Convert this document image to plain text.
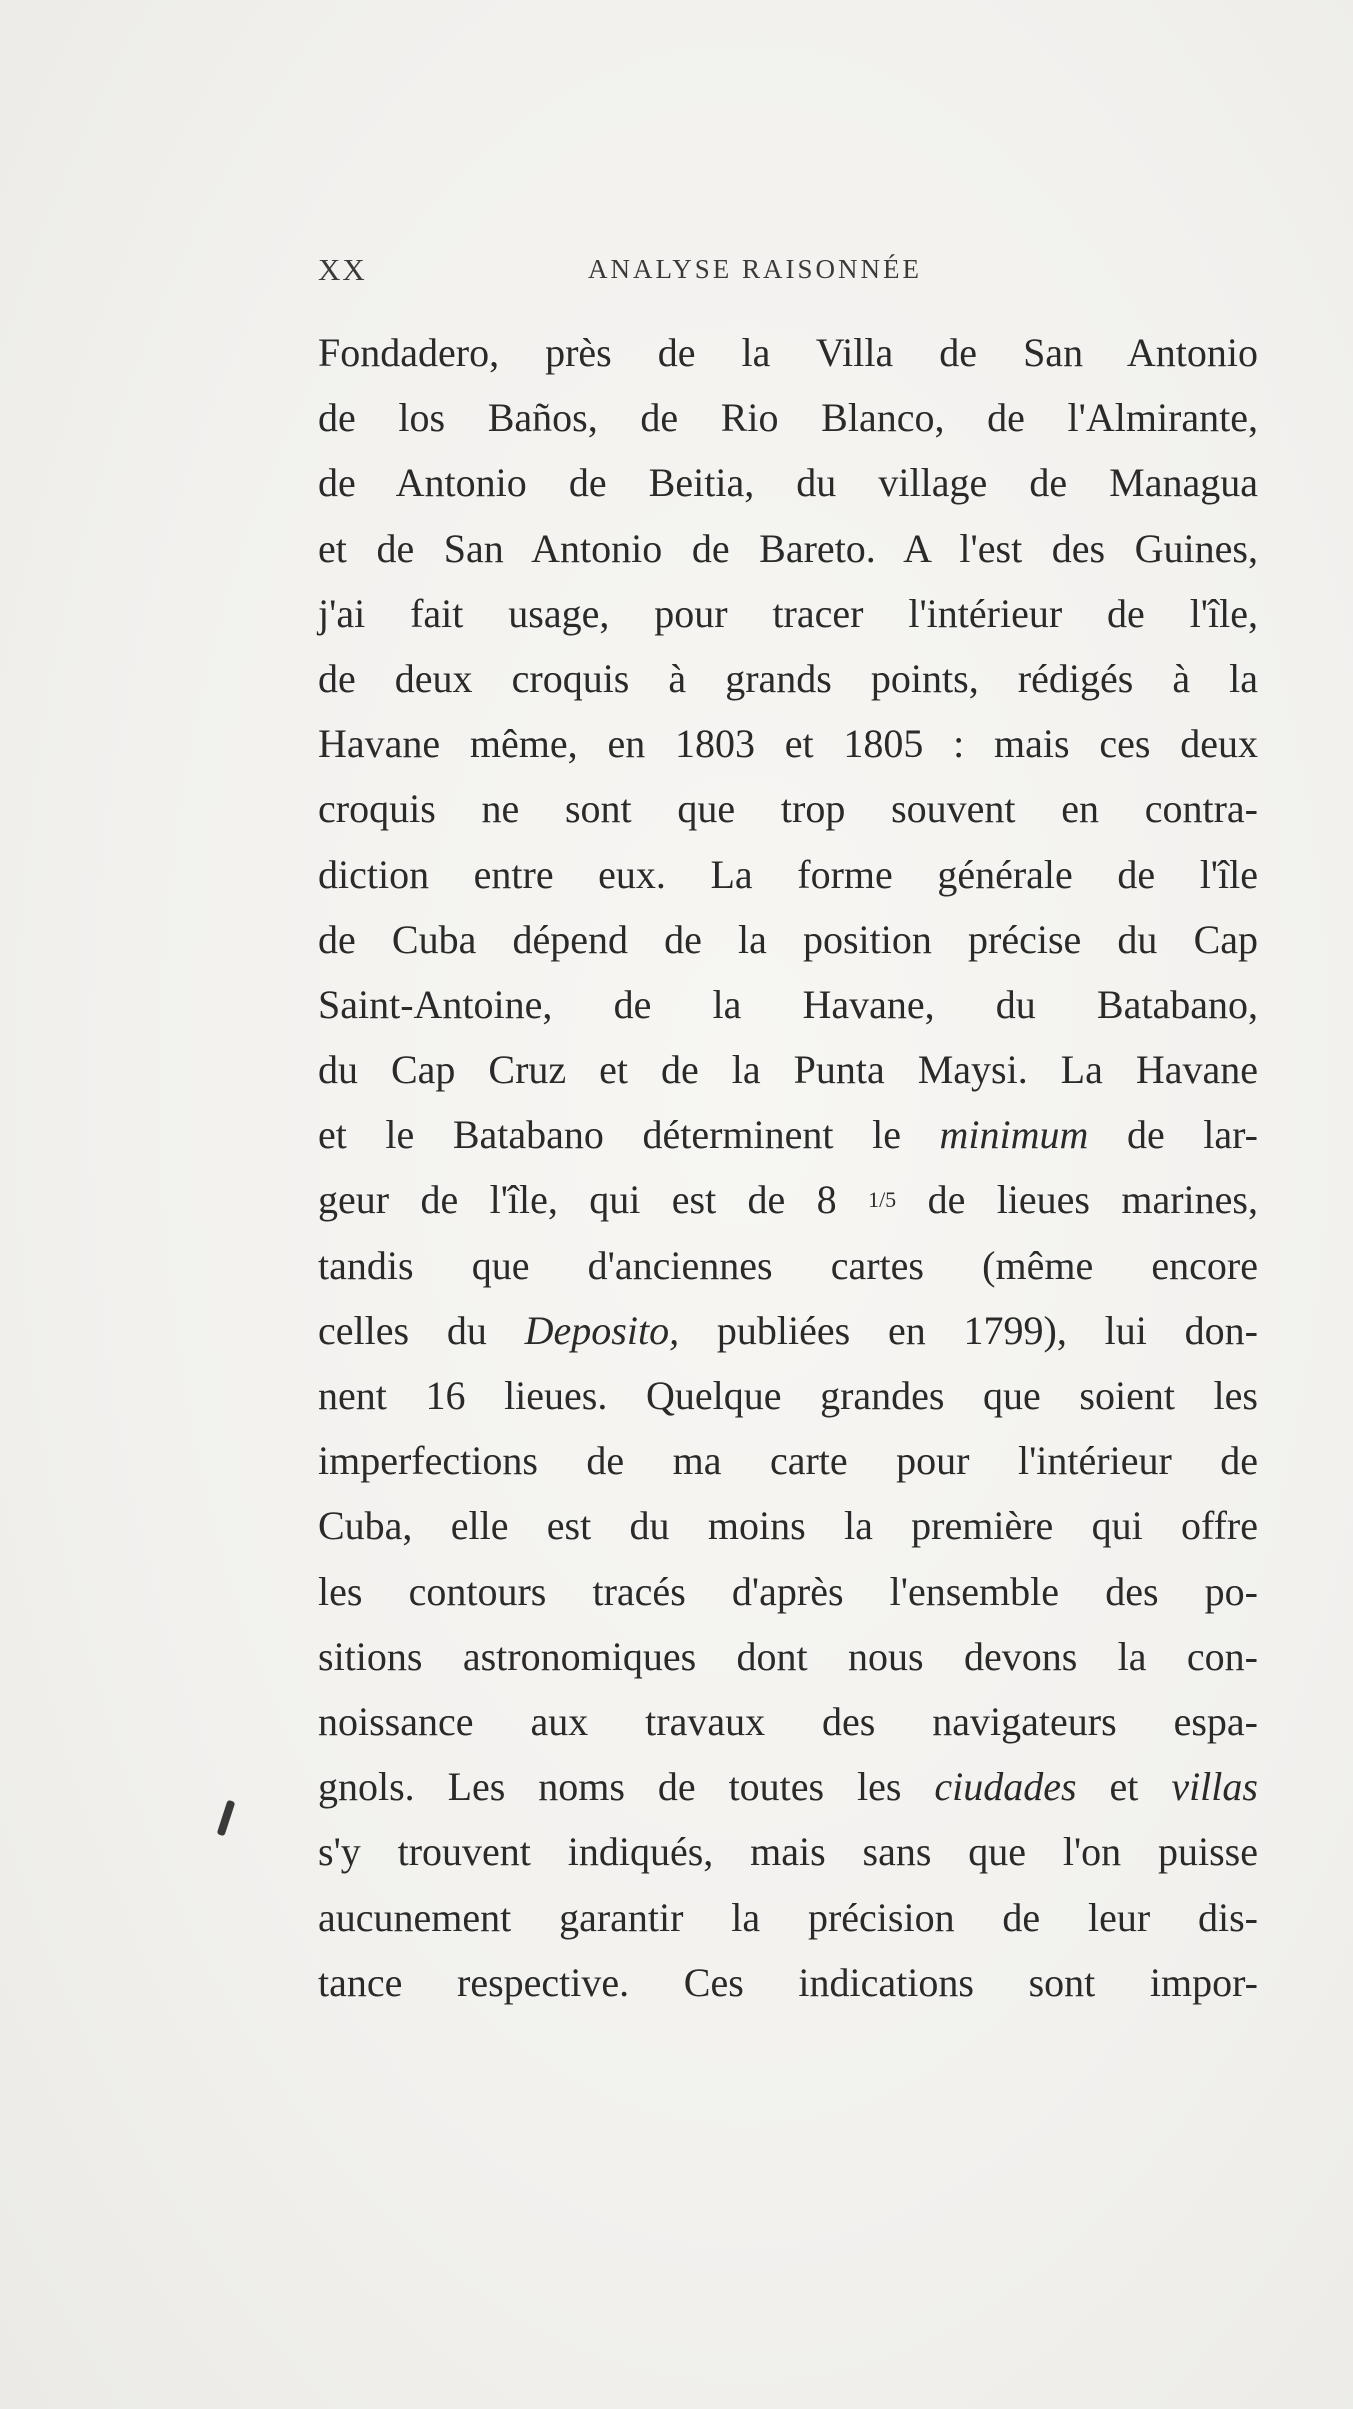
XX	ANALYSE RAISONNÉE
Fondadero, près de la Villa de San Antonio
de los Baños, de Rio Blanco, de l'Almirante,
de Antonio de Beitia, du village de Managua
et de San Antonio de Bareto. A l'est des Guines,
j'ai fait usage, pour tracer l'intérieur de l'île,
de deux croquis à grands points, rédigés à la
Havane même, en 1803 et 1805 : mais ces deux
croquis ne sont que trop souvent en contra-
diction entre eux. La forme générale de l'île
de Cuba dépend de la position précise du Cap
Saint-Antoine, de la Havane, du Batabano,
du Cap Cruz et de la Punta Maysi. La Havane
et le Batabano déterminent le minimum de lar-
geur de l'île, qui est de 8 1/5 de lieues marines,
tandis que d'anciennes cartes (même encore
celles du Deposito, publiées en 1799), lui don-
nent 16 lieues. Quelque grandes que soient les
imperfections de ma carte pour l'intérieur de
Cuba, elle est du moins la première qui offre
les contours tracés d'après l'ensemble des po-
sitions astronomiques dont nous devons la con-
noissance aux travaux des navigateurs espa-
gnols. Les noms de toutes les ciudades et villas
s'y trouvent indiqués, mais sans que l'on puisse
aucunement garantir la précision de leur dis-
tance respective. Ces indications sont impor-
